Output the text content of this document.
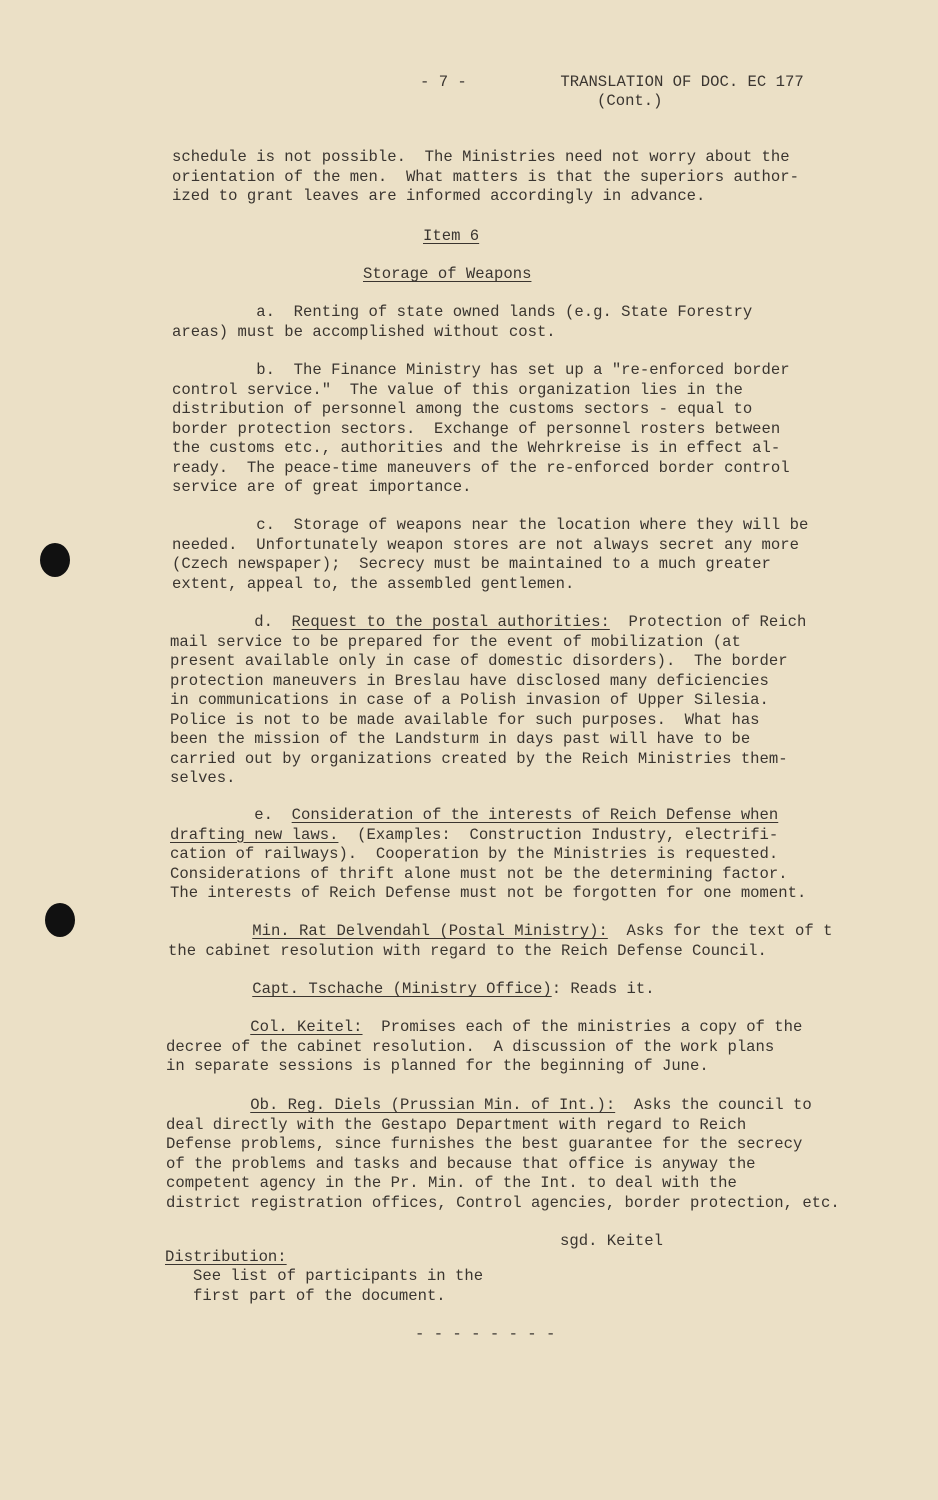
- 7 -	TRANSLATION OF DOC. EC 177
(Cont.)
schedule is not possible.  The Ministries need not worry about the
orientation of the men.  What matters is that the superiors author-
ized to grant leaves are informed accordingly in advance.
Item 6
Storage of Weapons
a.  Renting of state owned lands (e.g. State Forestry
areas) must be accomplished without cost.
b.  The Finance Ministry has set up a "re-enforced border
control service."  The value of this organization lies in the
distribution of personnel among the customs sectors - equal to
border protection sectors.  Exchange of personnel rosters between
the customs etc., authorities and the Wehrkreise is in effect al-
ready.  The peace-time maneuvers of the re-enforced border control
service are of great importance.
c.  Storage of weapons near the location where they will be
needed.  Unfortunately weapon stores are not always secret any more
(Czech newspaper);  Secrecy must be maintained to a much greater
extent, appeal to, the assembled gentlemen.
d.  Request to the postal authorities:  Protection of Reich
mail service to be prepared for the event of mobilization (at
present available only in case of domestic disorders).  The border
protection maneuvers in Breslau have disclosed many deficiencies
in communications in case of a Polish invasion of Upper Silesia.
Police is not to be made available for such purposes.  What has
been the mission of the Landsturm in days past will have to be
carried out by organizations created by the Reich Ministries them-
selves.
e.  Consideration of the interests of Reich Defense when
drafting new laws.  (Examples:  Construction Industry, electrifi-
cation of railways).  Cooperation by the Ministries is requested.
Considerations of thrift alone must not be the determining factor.
The interests of Reich Defense must not be forgotten for one moment.
Min. Rat Delvendahl (Postal Ministry):  Asks for the text of t
the cabinet resolution with regard to the Reich Defense Council.
Capt. Tschache (Ministry Office): Reads it.
Col. Keitel:  Promises each of the ministries a copy of the
decree of the cabinet resolution.  A discussion of the work plans
in separate sessions is planned for the beginning of June.
Ob. Reg. Diels (Prussian Min. of Int.):  Asks the council to
deal directly with the Gestapo Department with regard to Reich
Defense problems, since furnishes the best guarantee for the secrecy
of the problems and tasks and because that office is anyway the
competent agency in the Pr. Min. of the Int. to deal with the
district registration offices, Control agencies, border protection, etc.
sgd. Keitel
Distribution:
See list of participants in the
first part of the document.
- - - - - - - -
